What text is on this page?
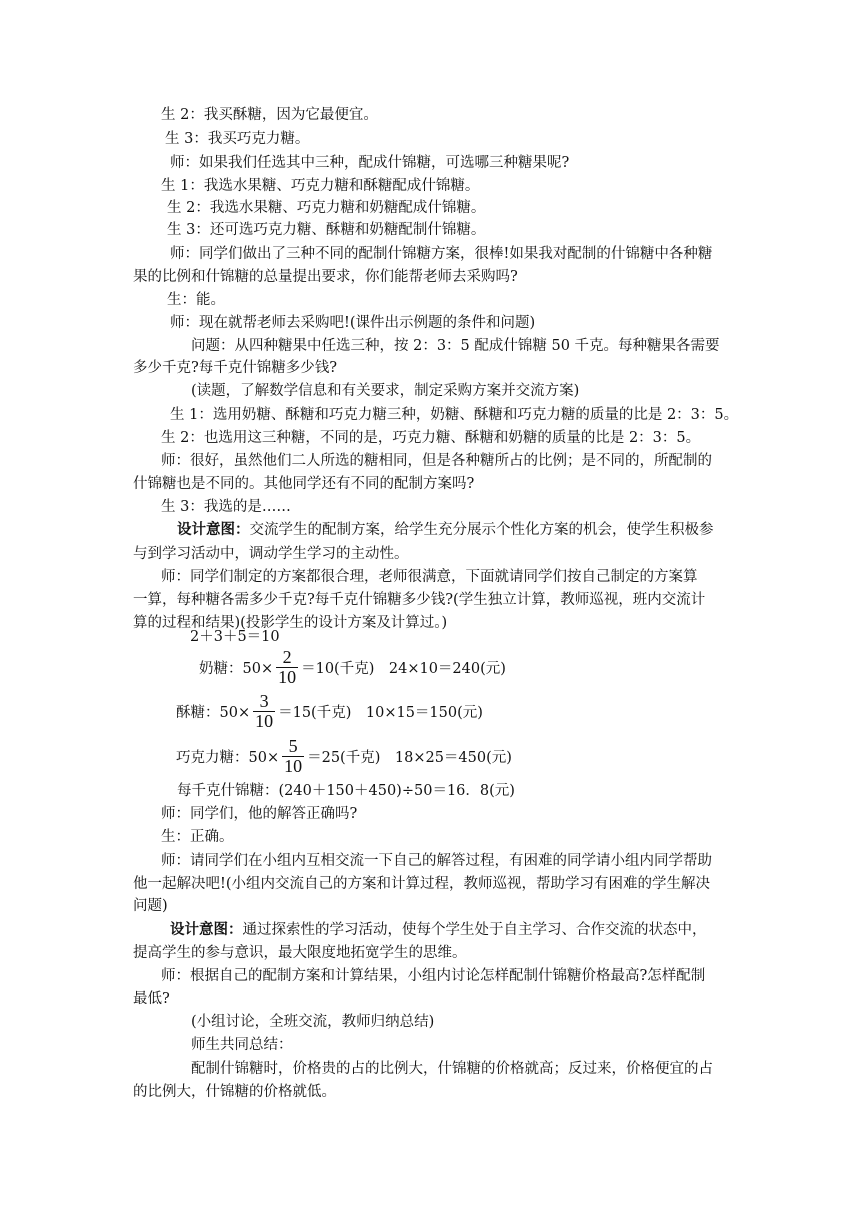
生 2：我买酥糖，因为它最便宜。
生 3：我买巧克力糖。
师：如果我们任选其中三种，配成什锦糖，可选哪三种糖果呢?
生 1：我选水果糖、巧克力糖和酥糖配成什锦糖。
生 2：我选水果糖、巧克力糖和奶糖配成什锦糖。
生 3：还可选巧克力糖、酥糖和奶糖配制什锦糖。
师：同学们做出了三种不同的配制什锦糖方案，很棒!如果我对配制的什锦糖中各种糖
果的比例和什锦糖的总量提出要求，你们能帮老师去采购吗?
生：能。
师：现在就帮老师去采购吧!(课件出示例题的条件和问题)
问题：从四种糖果中任选三种，按 2：3：5 配成什锦糖 50 千克。每种糖果各需要
多少千克?每千克什锦糖多少钱?
(读题，了解数学信息和有关要求，制定采购方案并交流方案)
生 1：选用奶糖、酥糖和巧克力糖三种，奶糖、酥糖和巧克力糖的质量的比是 2：3：5。
生 2：也选用这三种糖，不同的是，巧克力糖、酥糖和奶糖的质量的比是 2：3：5。
师：很好，虽然他们二人所选的糖相同，但是各种糖所占的比例；是不同的，所配制的
什锦糖也是不同的。其他同学还有不同的配制方案吗?
生 3：我选的是……
设计意图：交流学生的配制方案，给学生充分展示个性化方案的机会，使学生积极参
与到学习活动中，调动学生学习的主动性。
师：同学们制定的方案都很合理，老师很满意，下面就请同学们按自己制定的方案算
一算，每种糖各需多少千克?每千克什锦糖多少钱?(学生独立计算，教师巡视，班内交流计
算的过程和结果)(投影学生的设计方案及计算过。)
2＋3＋5＝10
奶糖：$50\times \frac{2}{10} =10$(千克)　24×10＝240(元)
酥糖：$50\times \frac{3}{10} =15$(千克)　10×15＝150(元)
巧克力糖：$50\times \frac{5}{10} =25$(千克)　18×25＝450(元)
每千克什锦糖：(240＋150＋450)÷50＝16．8(元)
师：同学们，他的解答正确吗?
生：正确。
师：请同学们在小组内互相交流一下自己的解答过程，有困难的同学请小组内同学帮助
他一起解决吧!(小组内交流自己的方案和计算过程，教师巡视，帮助学习有困难的学生解决
问题)
设计意图：通过探索性的学习活动，使每个学生处于自主学习、合作交流的状态中，
提高学生的参与意识，最大限度地拓宽学生的思维。
师：根据自己的配制方案和计算结果，小组内讨论怎样配制什锦糖价格最高?怎样配制
最低?
(小组讨论，全班交流，教师归纳总结)
师生共同总结：
配制什锦糖时，价格贵的占的比例大，什锦糖的价格就高；反过来，价格便宜的占
的比例大，什锦糖的价格就低。
